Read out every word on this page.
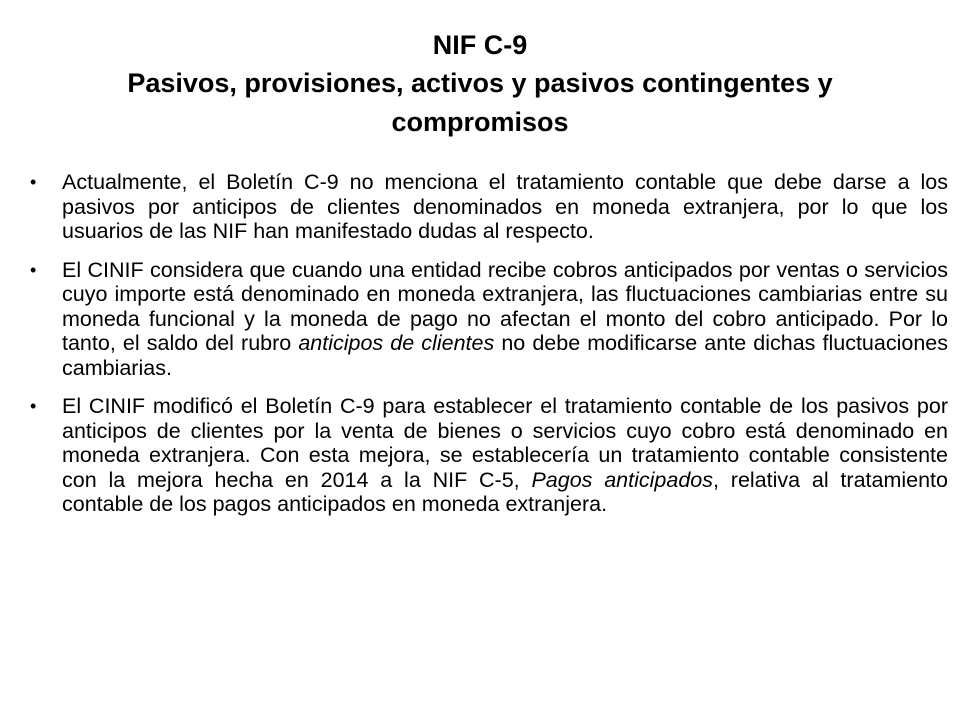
NIF C-9
Pasivos, provisiones, activos y pasivos contingentes y compromisos
• Actualmente, el Boletín C-9 no menciona el tratamiento contable que debe darse a los pasivos por anticipos de clientes denominados en moneda extranjera, por lo que los usuarios de las NIF han manifestado dudas al respecto.
• El CINIF considera que cuando una entidad recibe cobros anticipados por ventas o servicios cuyo importe está denominado en moneda extranjera, las fluctuaciones cambiarias entre su moneda funcional y la moneda de pago no afectan el monto del cobro anticipado. Por lo tanto, el saldo del rubro anticipos de clientes no debe modificarse ante dichas fluctuaciones cambiarias.
• El CINIF modificó el Boletín C-9 para establecer el tratamiento contable de los pasivos por anticipos de clientes por la venta de bienes o servicios cuyo cobro está denominado en moneda extranjera. Con esta mejora, se establecería un tratamiento contable consistente con la mejora hecha en 2014 a la NIF C-5, Pagos anticipados, relativa al tratamiento contable de los pagos anticipados en moneda extranjera.
